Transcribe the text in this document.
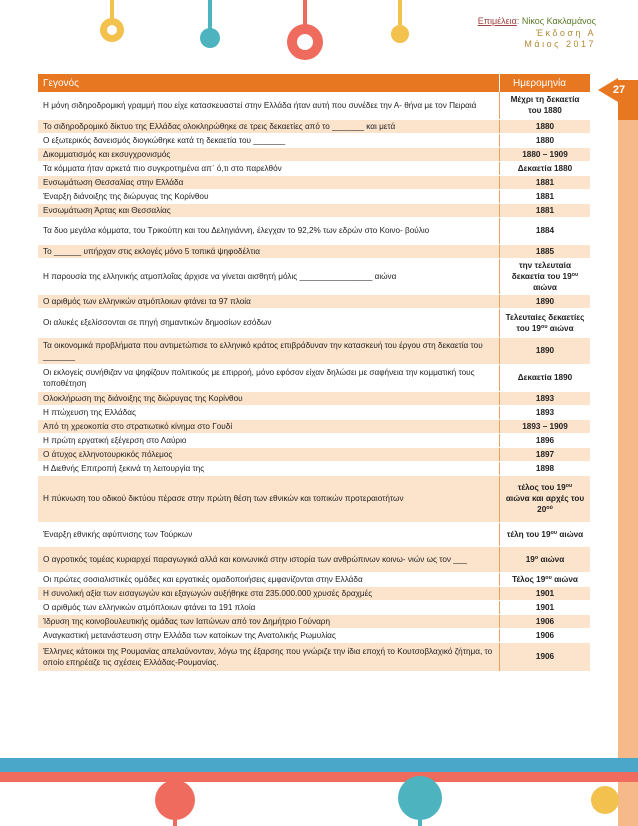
Επιμέλεια: Νίκος Κακλαμάνος
Έκδοση Α
Μάιος 2017
27
Γεγονός	Ημερομηνία
Η μόνη σιδηροδρομική γραμμή που είχε κατασκευαστεί στην Ελλάδα ήταν αυτή που συνέδεε την Α- θήνα με τον Πειραιά	Μέχρι τη δεκαετία του 1880
Το σιδηροδρομικό δίκτυο της Ελλάδας ολοκληρώθηκε σε τρεις δεκαετίες από το _______ και μετά	1880
Ο εξωτερικός δανεισμός διογκώθηκε κατά τη δεκαετία του _______	1880
Δικομματισμός και εκσυγχρονισμός	1880 – 1909
Τα κόμματα ήταν αρκετά πιο συγκροτημένα απ᾽ ό,τι στο παρελθόν	Δεκαετία 1880
Ενσωμάτωση Θεσσαλίας στην Ελλάδα	1881
Έναρξη διάνοιξης της διώρυγας της Κορίνθου	1881
Ενσωμάτωση Άρτας και Θεσσαλίας	1881
Τα δυο μεγάλα κόμματα, του Τρικούπη και του Δεληγιάννη, έλεγχαν το 92,2% των εδρών στο Κοινο- βούλιο	1884
Το ______ υπήρχαν στις εκλογές μόνο 5 τοπικά ψηφοδέλτια	1885
Η παρουσία της ελληνικής ατμοπλοΐας άρχισε να γίνεται αισθητή μόλις ________________ αιώνα	την τελευταία δεκαετία του $19^{o\upsilon}$ αιώνα
Ο αριθμός των ελληνικών ατμόπλοιων φτάνει τα 97 πλοία	1890
Οι αλυκές εξελίσσονται σε πηγή σημαντικών δημοσίων εσόδων	Τελευταίες δεκαετίες του $19^{o\upsilon}$ αιώνα
Τα οικονομικά προβλήματα που αντιμετώπισε το ελληνικό κράτος επιβράδυναν την κατασκευή του έργου στη δεκαετία του _______	1890
Οι εκλογείς συνήθιζαν να ψηφίζουν πολιτικούς με επιρροή, μόνο εφόσον είχαν δηλώσει με σαφήνεια την κομματική τους τοποθέτηση	Δεκαετία 1890
Ολοκλήρωση της διάνοιξης της διώρυγας της Κορίνθου	1893
Η πτώχευση της Ελλάδας	1893
Από τη χρεοκοπία στο στρατιωτικό κίνημα στο Γουδί	1893 – 1909
Η πρώτη εργατική εξέγερση στο Λαύριο	1896
Ο άτυχος ελληνοτουρκικός πόλεμος	1897
Η Διεθνής Επιτροπή ξεκινά τη λειτουργία της	1898
Η πύκνωση του οδικού δικτύου πέρασε στην πρώτη θέση των εθνικών και τοπικών προτεραιοτήτων	τέλος του $19^{o\upsilon}$ αιώνα και αρχές του $20^{oύ}$
Έναρξη εθνικής αφύπνισης των Τούρκων	τέλη του $19^{o\upsilon}$ αιώνα
Ο αγροτικός τομέας κυριαρχεί παραγωγικά αλλά και κοινωνικά στην ιστορία των ανθρώπινων κοινω- νιών ως τον ___	$19^o$ αιώνα
Οι πρώτες σοσιαλιστικές ομάδες και εργατικές ομαδοποιήσεις εμφανίζονται στην Ελλάδα	Τέλος $19^{o\upsilon}$ αιώνα
Η συνολική αξία των εισαγωγών και εξαγωγών αυξήθηκε στα 235.000.000 χρυσές δραχμές	1901
Ο αριθμός των ελληνικών ατμόπλοιων φτάνει τα 191 πλοία	1901
Ίδρυση της κοινοβουλευτικής ομάδας των Ιαπώνων από τον Δημήτριο Γούναρη	1906
Αναγκαστική μετανάστευση στην Ελλάδα των κατοίκων της Ανατολικής Ρωμυλίας	1906
Έλληνες κάτοικοι της Ρουμανίας απελαύνονταν, λόγω της έξαρσης που γνώριζε την ίδια εποχή το Κουτσοβλαχικό ζήτημα, το οποίο επηρέαζε τις σχέσεις Ελλάδας-Ρουμανίας.	1906
